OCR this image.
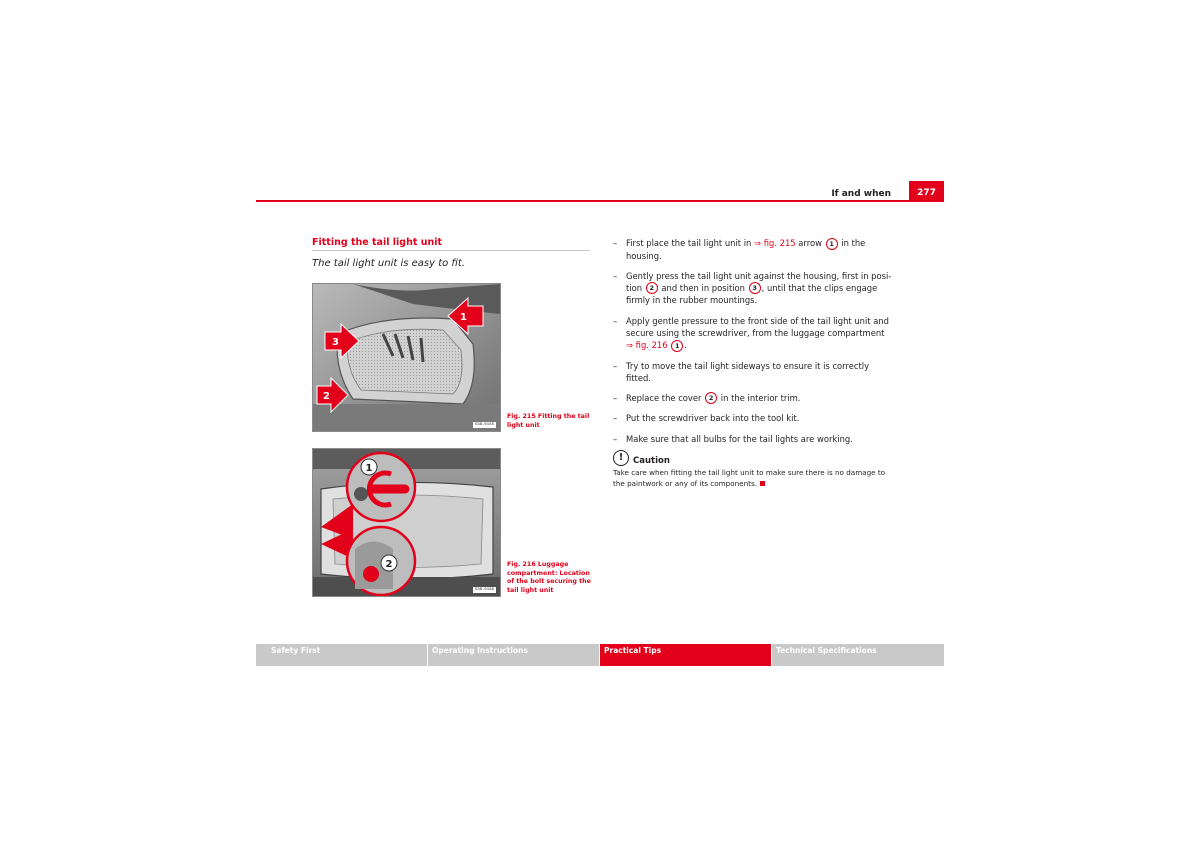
If and when	277
Fitting the tail light unit
The tail light unit is easy to fit.
1
3
2
S3B-0185
Fig. 215 Fitting the tail light unit
1
2
S3B-0186
Fig. 216 Luggage compartment: Location of the bolt securing the tail light unit
– First place the tail light unit in ⇒ fig. 215 arrow 1 in the housing.
– Gently press the tail light unit against the housing, first in posi-tion 2 and then in position 3 , until that the clips engage firmly in the rubber mountings.
– Apply gentle pressure to the front side of the tail light unit and secure using the screwdriver, from the luggage compartment ⇒ fig. 216 1 .
– Try to move the tail light sideways to ensure it is correctly fitted.
– Replace the cover 2 in the interior trim.
– Put the screwdriver back into the tool kit.
– Make sure that all bulbs for the tail lights are working.
! Caution
Take care when fitting the tail light unit to make sure there is no damage to the paintwork or any of its components.
Safety First	Operating Instructions	Practical Tips	Technical Specifications
